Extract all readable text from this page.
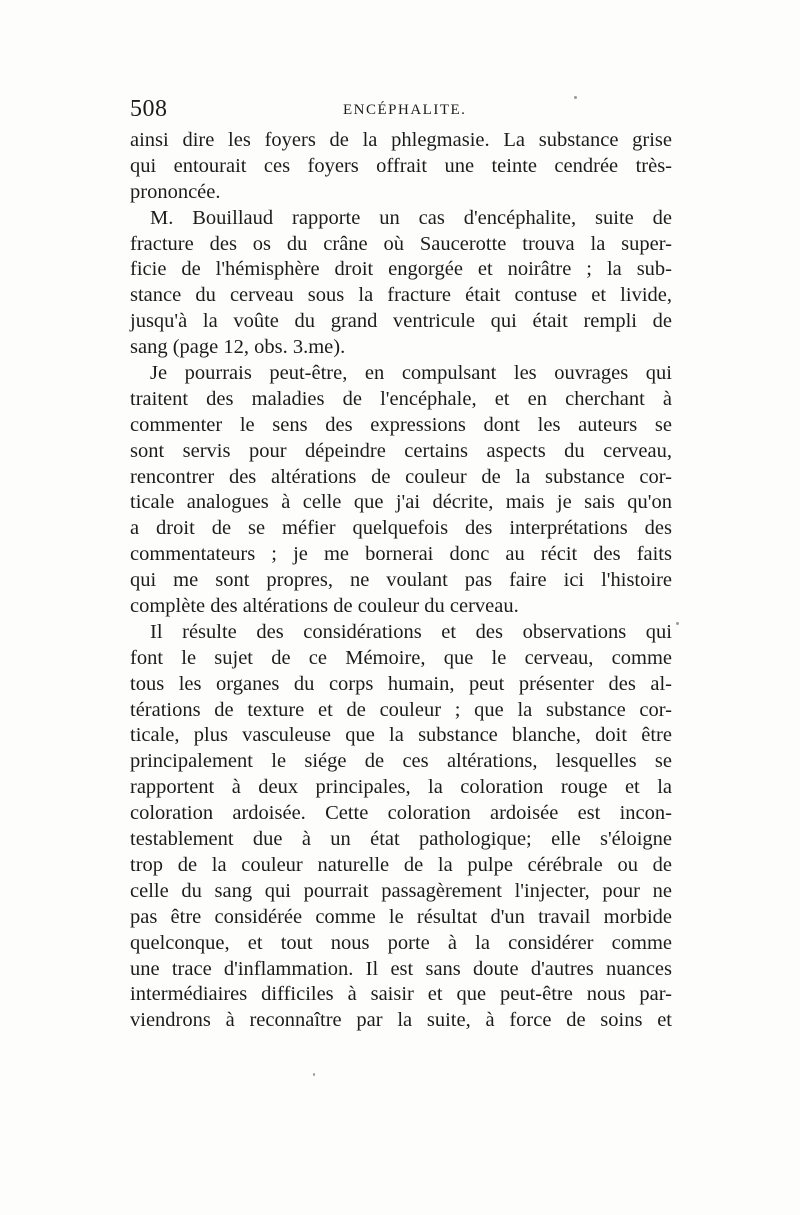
508	ENCÉPHALITE.
ainsi dire les foyers de la phlegmasie. La substance grise
qui entourait ces foyers offrait une teinte cendrée très-
prononcée.
M. Bouillaud rapporte un cas d'encéphalite, suite de
fracture des os du crâne où Saucerotte trouva la super-
ficie de l'hémisphère droit engorgée et noirâtre ; la sub-
stance du cerveau sous la fracture était contuse et livide,
jusqu'à la voûte du grand ventricule qui était rempli de
sang (page 12, obs. 3.me).
Je pourrais peut-être, en compulsant les ouvrages qui
traitent des maladies de l'encéphale, et en cherchant à
commenter le sens des expressions dont les auteurs se
sont servis pour dépeindre certains aspects du cerveau,
rencontrer des altérations de couleur de la substance cor-
ticale analogues à celle que j'ai décrite, mais je sais qu'on
a droit de se méfier quelquefois des interprétations des
commentateurs ; je me bornerai donc au récit des faits
qui me sont propres, ne voulant pas faire ici l'histoire
complète des altérations de couleur du cerveau.
Il résulte des considérations et des observations qui
font le sujet de ce Mémoire, que le cerveau, comme
tous les organes du corps humain, peut présenter des al-
térations de texture et de couleur ; que la substance cor-
ticale, plus vasculeuse que la substance blanche, doit être
principalement le siége de ces altérations, lesquelles se
rapportent à deux principales, la coloration rouge et la
coloration ardoisée. Cette coloration ardoisée est incon-
testablement due à un état pathologique; elle s'éloigne
trop de la couleur naturelle de la pulpe cérébrale ou de
celle du sang qui pourrait passagèrement l'injecter, pour ne
pas être considérée comme le résultat d'un travail morbide
quelconque, et tout nous porte à la considérer comme
une trace d'inflammation. Il est sans doute d'autres nuances
intermédiaires difficiles à saisir et que peut-être nous par-
viendrons à reconnaître par la suite, à force de soins et
